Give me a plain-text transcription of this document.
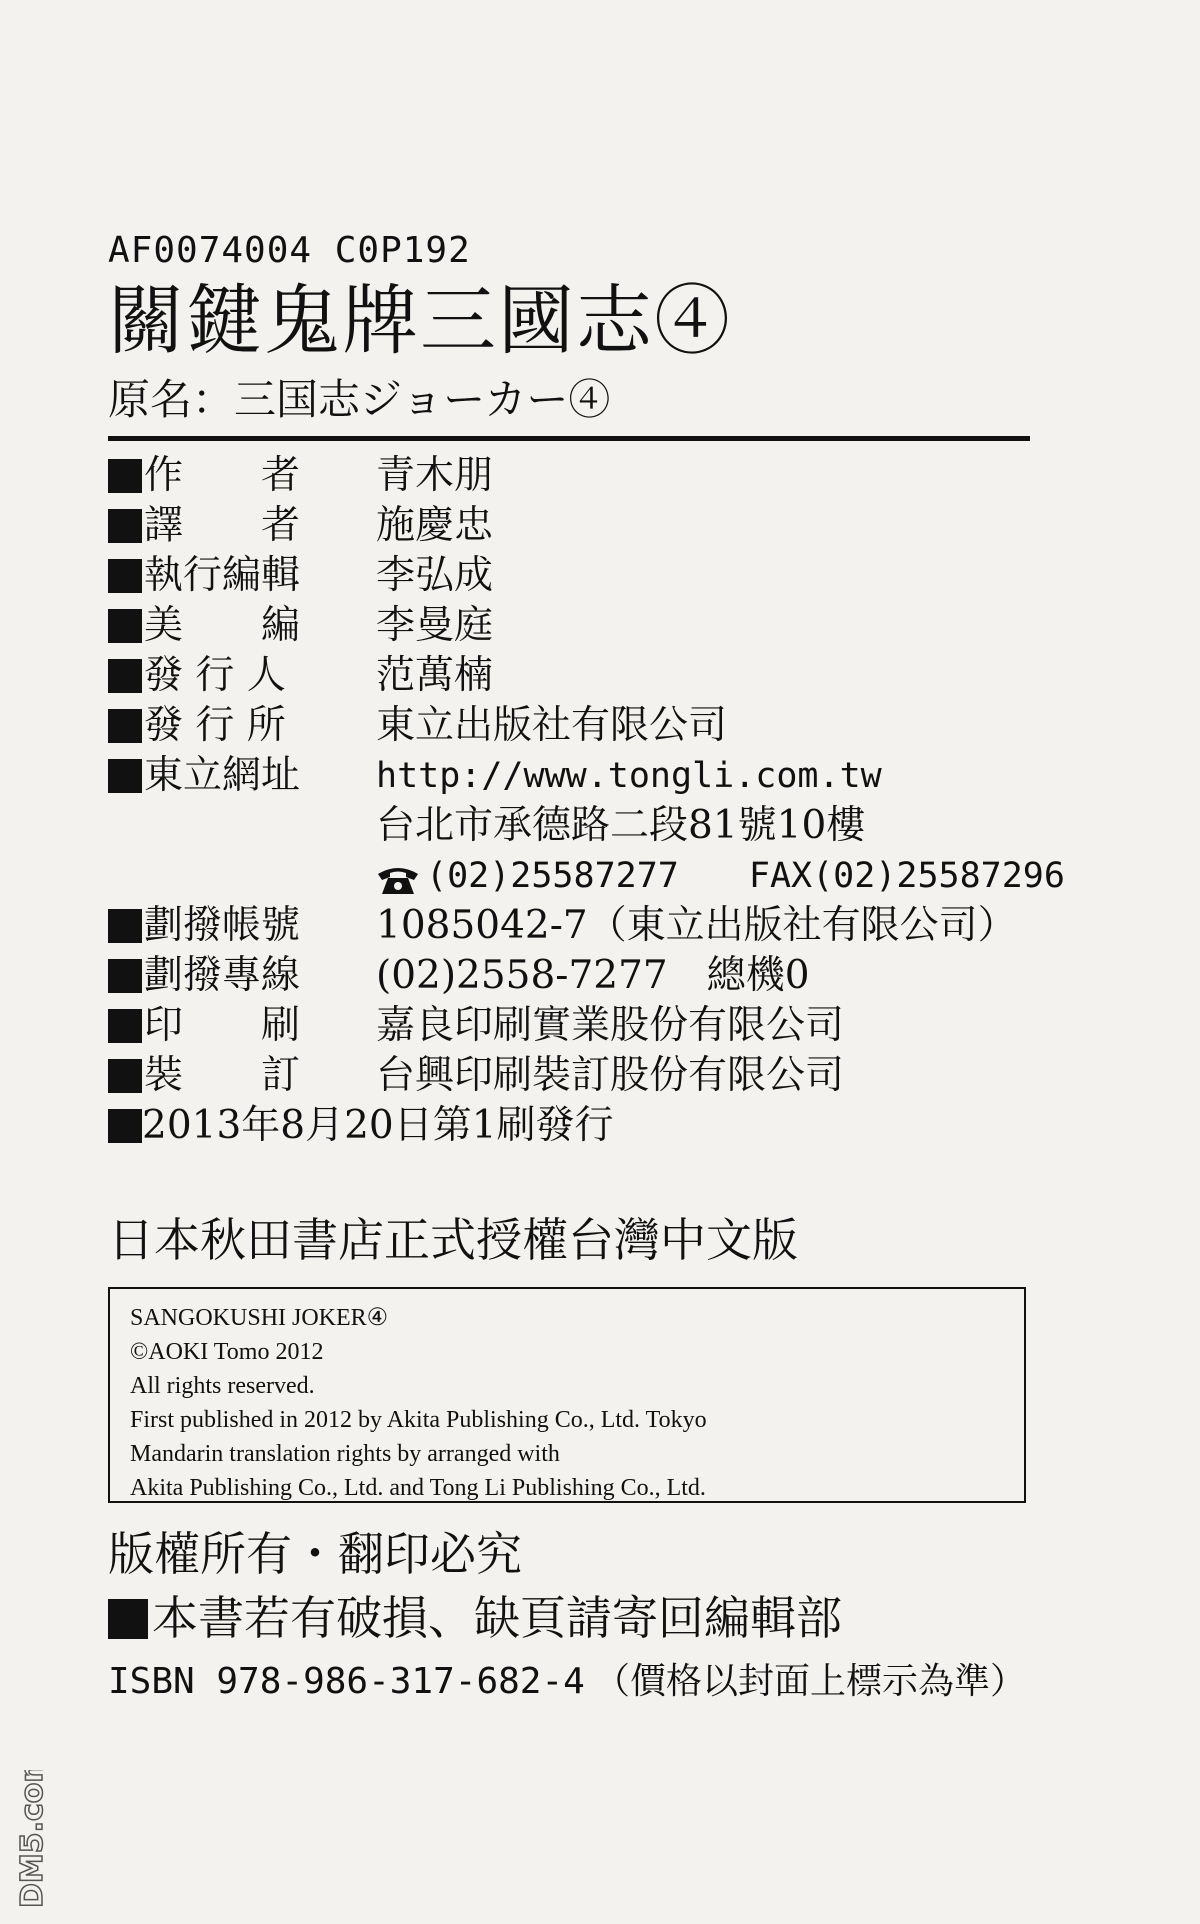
AF0074004 C0P192
關鍵鬼牌三國志④
原名：三国志ジョーカー④
作　　者 青木朋
譯　　者 施慶忠
執行編輯 李弘成
美　　編 李曼庭
發 行 人 范萬楠
發 行 所 東立出版社有限公司
東立網址 http://www.tongli.com.tw
台北市承德路二段81號10樓
(02)25587277 FAX(02)25587296
劃撥帳號 1085042-7（東立出版社有限公司）
劃撥專線 (02)2558-7277　總機0
印　　刷 嘉良印刷實業股份有限公司
裝　　訂 台興印刷裝訂股份有限公司
2013年8月20日第1刷發行
日本秋田書店正式授權台灣中文版
SANGOKUSHI JOKER④
©AOKI Tomo 2012
All rights reserved.
First published in 2012 by Akita Publishing Co., Ltd. Tokyo
Mandarin translation rights by arranged with
Akita Publishing Co., Ltd. and Tong Li Publishing Co., Ltd.
版權所有・翻印必究
本書若有破損、缺頁請寄回編輯部
ISBN 978-986-317-682-4 （價格以封面上標示為準）
DM5.com
